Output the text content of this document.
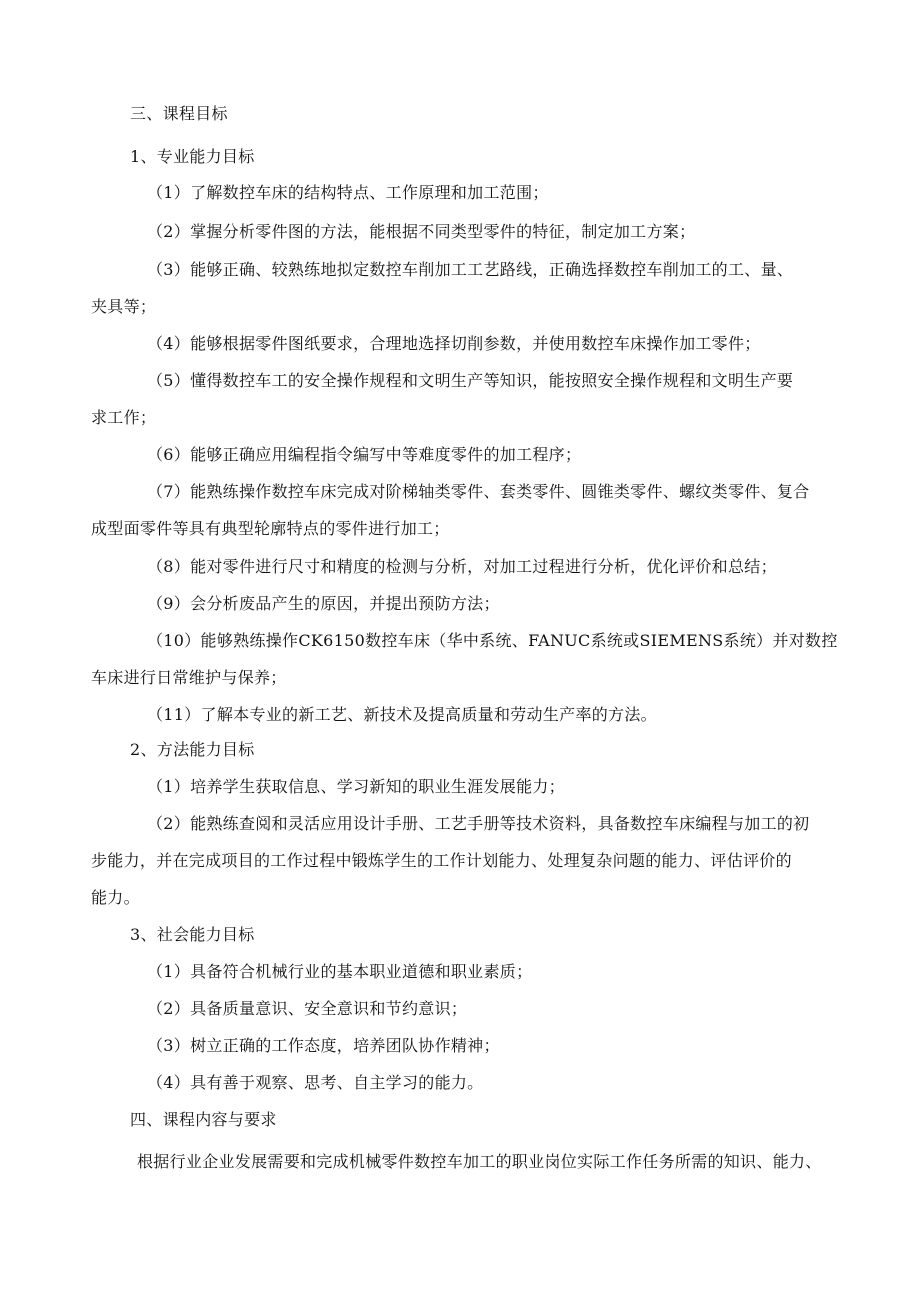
三、课程目标
1、专业能力目标
（1）了解数控车床的结构特点、工作原理和加工范围；
（2）掌握分析零件图的方法，能根据不同类型零件的特征，制定加工方案；
（3）能够正确、较熟练地拟定数控车削加工工艺路线，正确选择数控车削加工的工、量、
夹具等；
（4）能够根据零件图纸要求，合理地选择切削参数，并使用数控车床操作加工零件；
（5）懂得数控车工的安全操作规程和文明生产等知识，能按照安全操作规程和文明生产要
求工作；
（6）能够正确应用编程指令编写中等难度零件的加工程序；
（7）能熟练操作数控车床完成对阶梯轴类零件、套类零件、圆锥类零件、螺纹类零件、复合
成型面零件等具有典型轮廓特点的零件进行加工；
（8）能对零件进行尺寸和精度的检测与分析，对加工过程进行分析，优化评价和总结；
（9）会分析废品产生的原因，并提出预防方法；
（10）能够熟练操作CK6150数控车床（华中系统、FANUC系统或SIEMENS系统）并对数控
车床进行日常维护与保养；
（11）了解本专业的新工艺、新技术及提高质量和劳动生产率的方法。
2、方法能力目标
（1）培养学生获取信息、学习新知的职业生涯发展能力；
（2）能熟练查阅和灵活应用设计手册、工艺手册等技术资料，具备数控车床编程与加工的初
步能力，并在完成项目的工作过程中锻炼学生的工作计划能力、处理复杂问题的能力、评估评价的
能力。
3、社会能力目标
（1）具备符合机械行业的基本职业道德和职业素质；
（2）具备质量意识、安全意识和节约意识；
（3）树立正确的工作态度，培养团队协作精神；
（4）具有善于观察、思考、自主学习的能力。
四、课程内容与要求
根据行业企业发展需要和完成机械零件数控车加工的职业岗位实际工作任务所需的知识、能力、
